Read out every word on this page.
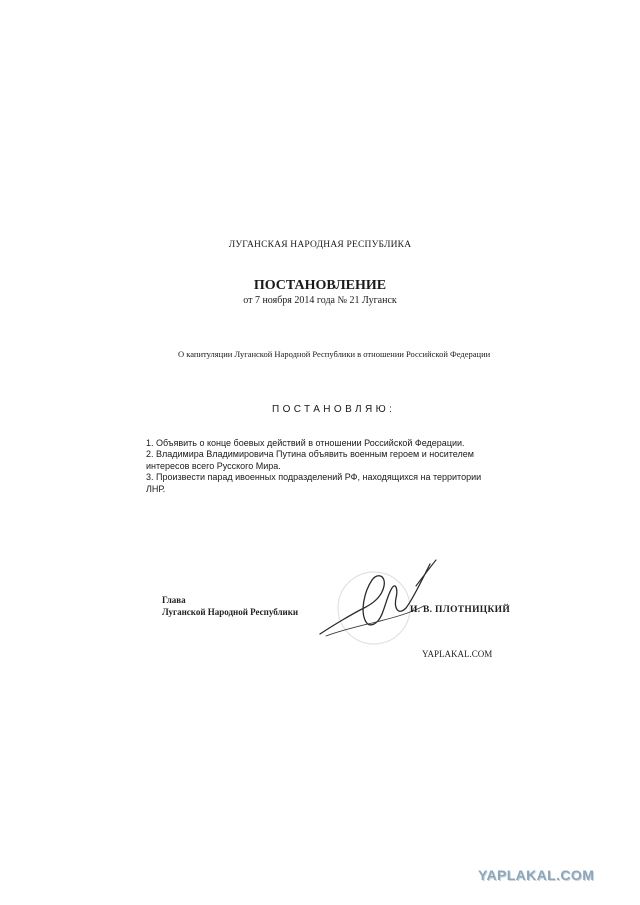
ЛУГАНСКАЯ НАРОДНАЯ РЕСПУБЛИКА
ПОСТАНОВЛЕНИЕ
от 7 ноября 2014 года № 21 Луганск
О капитуляции Луганской Народной Республики в отношении Российской Федерации
ПОСТАНОВЛЯЮ:
1. Объявить о конце боевых действий в отношении Российской Федерации.
2. Владимира Владимировича Путина объявить военным героем и носителем
интересов всего Русского Мира.
3. Произвести парад ивоенных подразделений РФ, находящихся на территории
ЛНР.
Глава
Луганской Народной Республики	И. В. ПЛОТНИЦКИЙ
YAPLAKAL.COM
YAPLAKAL.COM
